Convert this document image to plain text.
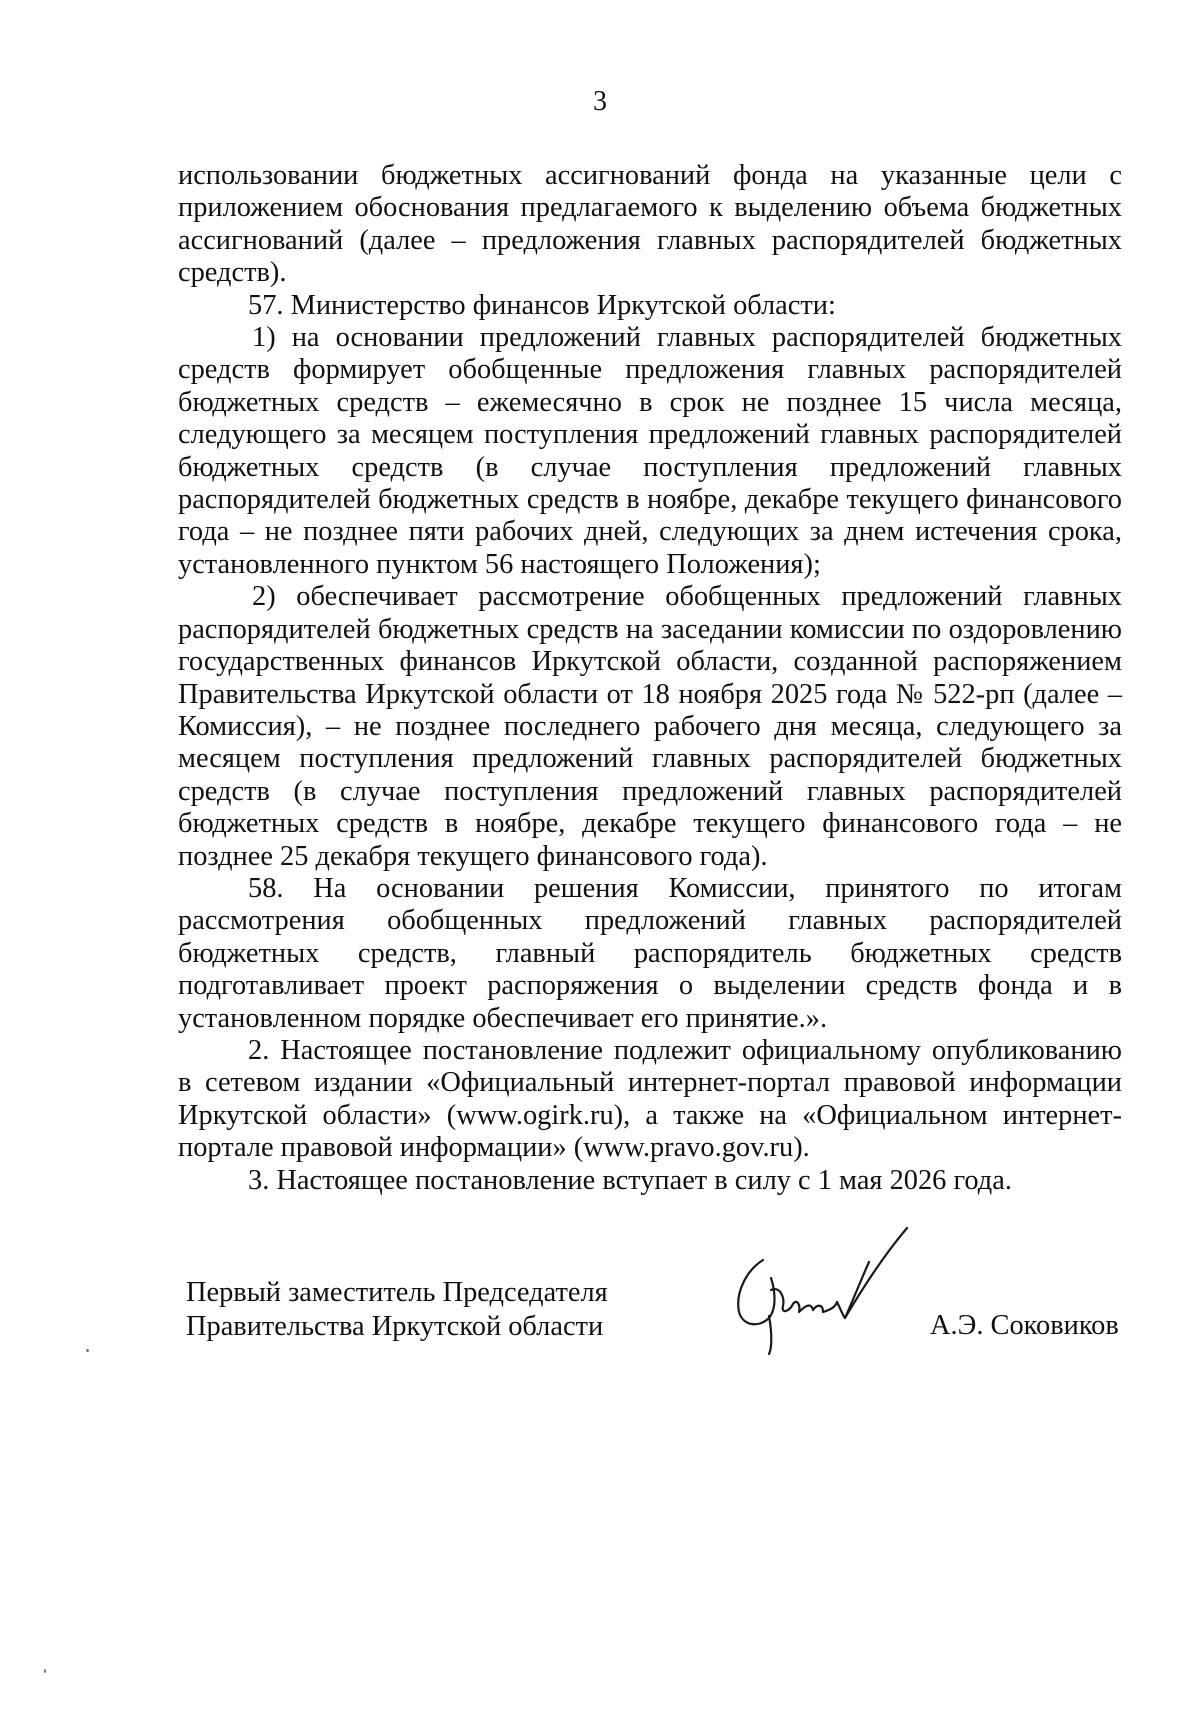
3

использовании бюджетных ассигнований фонда на указанные цели с приложением обоснования предлагаемого к выделению объема бюджетных ассигнований (далее – предложения главных распорядителей бюджетных средств).

57. Министерство финансов Иркутской области:

1) на основании предложений главных распорядителей бюджетных средств формирует обобщенные предложения главных распорядителей бюджетных средств – ежемесячно в срок не позднее 15 числа месяца, следующего за месяцем поступления предложений главных распорядителей бюджетных средств (в случае поступления предложений главных распорядителей бюджетных средств в ноябре, декабре текущего финансового года – не позднее пяти рабочих дней, следующих за днем истечения срока, установленного пунктом 56 настоящего Положения);

2) обеспечивает рассмотрение обобщенных предложений главных распорядителей бюджетных средств на заседании комиссии по оздоровлению государственных финансов Иркутской области, созданной распоряжением Правительства Иркутской области от 18 ноября 2025 года № 522-рп (далее – Комиссия), – не позднее последнего рабочего дня месяца, следующего за месяцем поступления предложений главных распорядителей бюджетных средств (в случае поступления предложений главных распорядителей бюджетных средств в ноябре, декабре текущего финансового года – не позднее 25 декабря текущего финансового года).

58. На основании решения Комиссии, принятого по итогам рассмотрения обобщенных предложений главных распорядителей бюджетных средств, главный распорядитель бюджетных средств подготавливает проект распоряжения о выделении средств фонда и в установленном порядке обеспечивает его принятие.».

2. Настоящее постановление подлежит официальному опубликованию в сетевом издании «Официальный интернет-портал правовой информации Иркутской области» (www.ogirk.ru), а также на «Официальном интернет-портале правовой информации» (www.pravo.gov.ru).

3. Настоящее постановление вступает в силу с 1 мая 2026 года.

Первый заместитель Председателя
Правительства Иркутской области	А.Э. Соковиков
